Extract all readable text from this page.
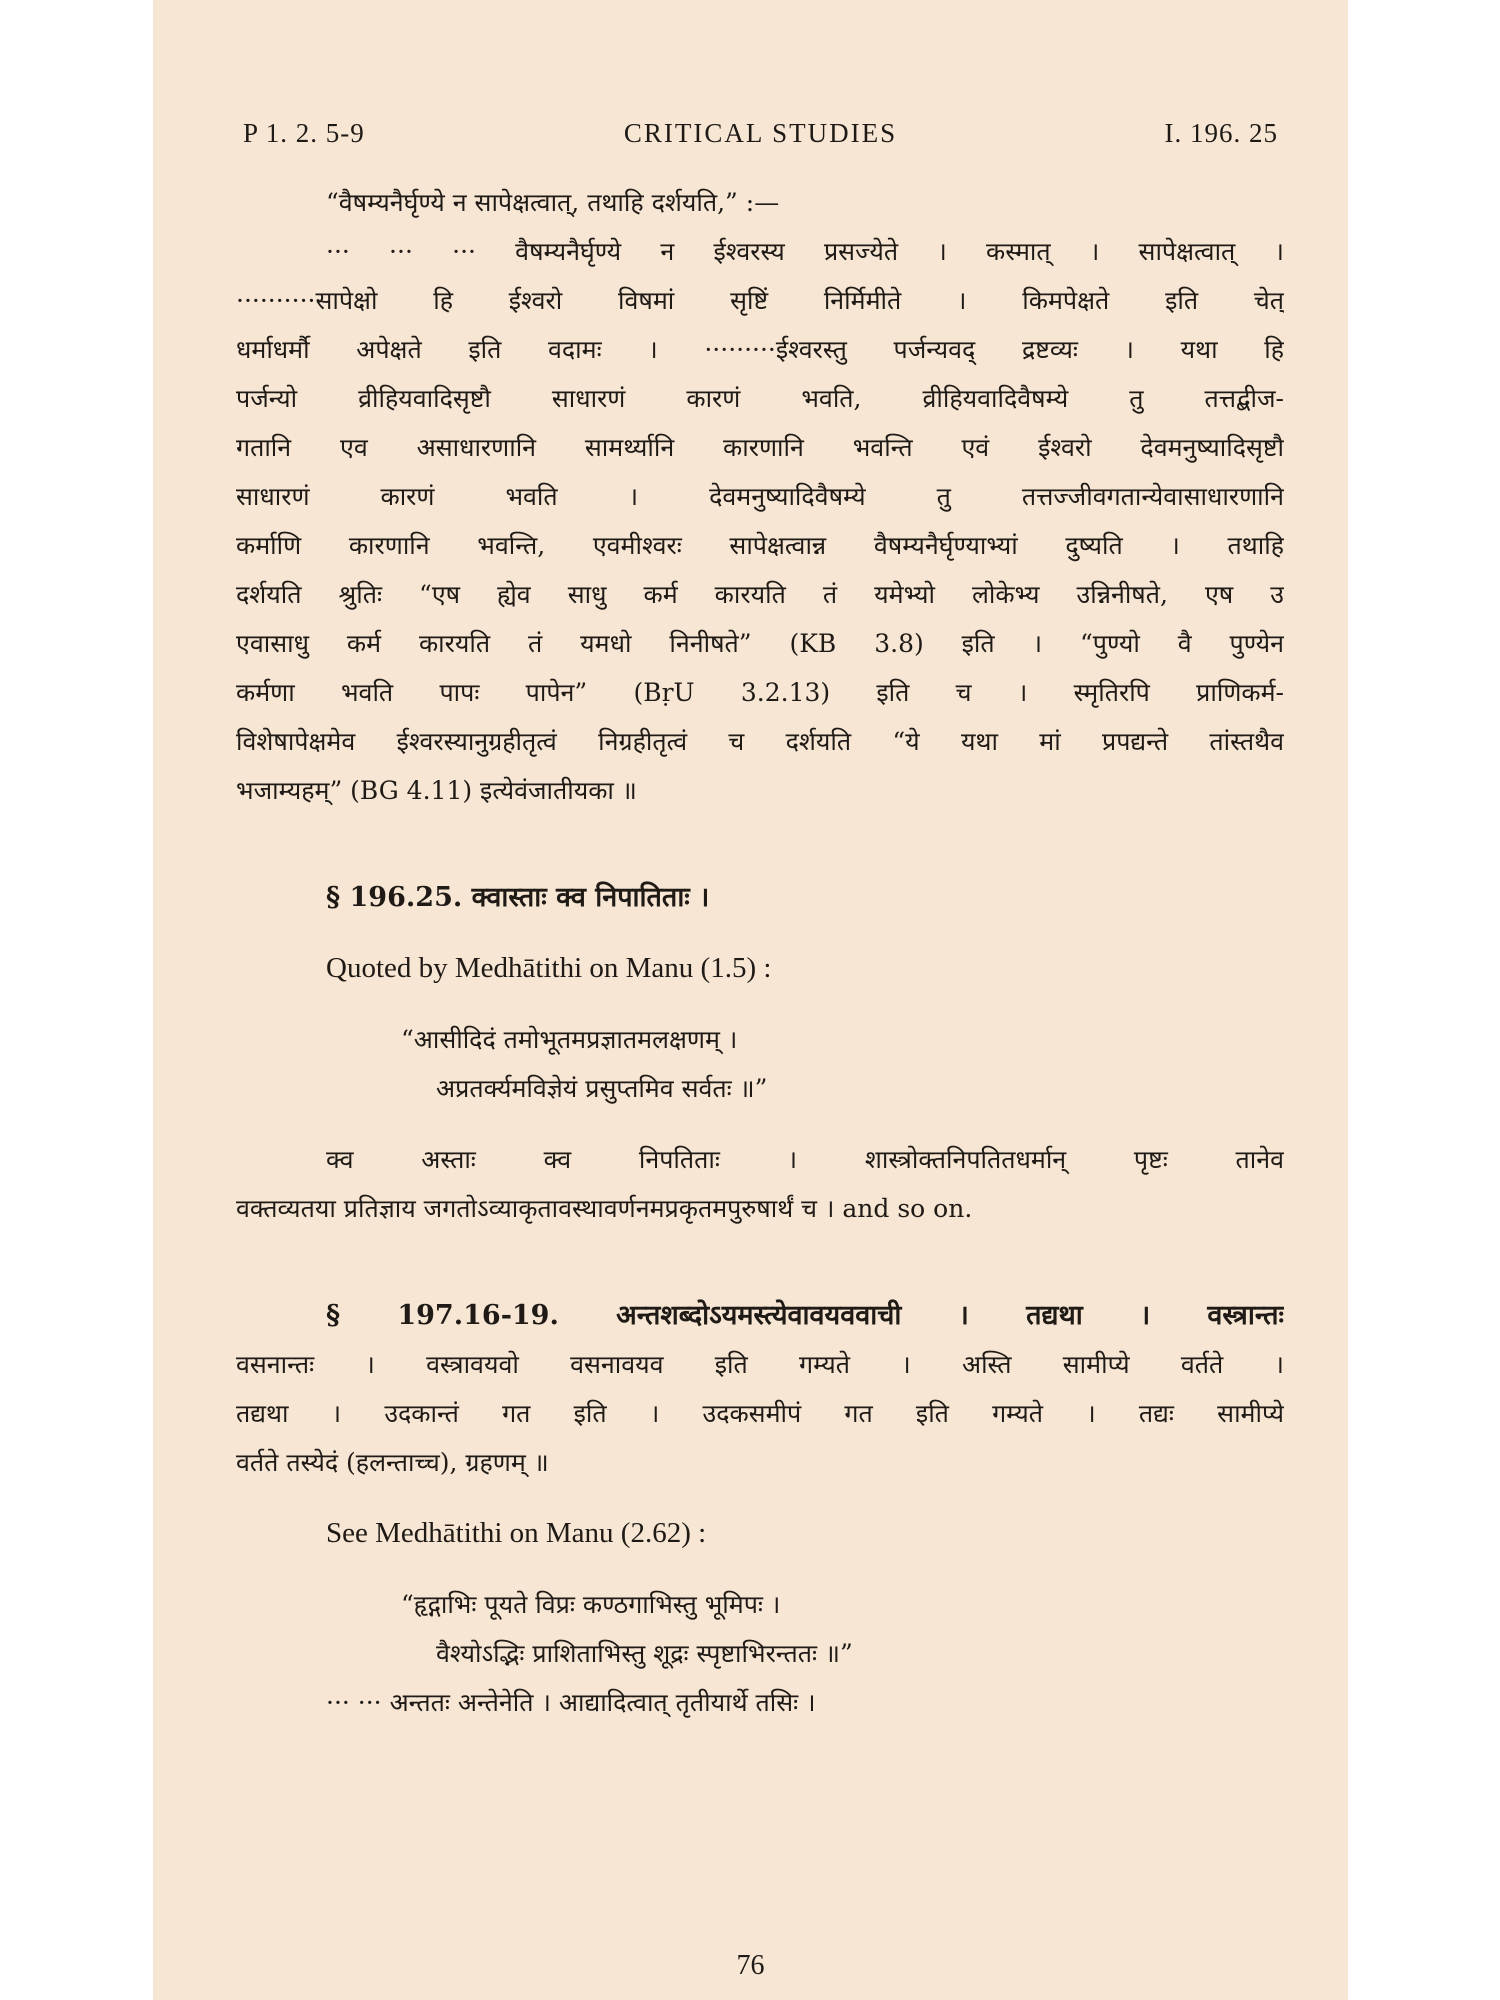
P 1. 2. 5-9	CRITICAL STUDIES	I. 196. 25
“वैषम्यनैर्घृण्ये न सापेक्षत्वात्, तथाहि दर्शयति,” :—
··· ··· ··· वैषम्यनैर्घृण्ये न ईश्वरस्य प्रसज्येते । कस्मात् । सापेक्षत्वात् ।
··········सापेक्षो हि ईश्वरो विषमां सृष्टिं निर्मिमीते । किमपेक्षते इति चेत्
धर्माधर्मौ अपेक्षते इति वदामः । ·········ईश्वरस्तु पर्जन्यवद् द्रष्टव्यः । यथा हि
पर्जन्यो व्रीहियवादिसृष्टौ साधारणं कारणं भवति, व्रीहियवादिवैषम्ये तु तत्तद्बीज-
गतानि एव असाधारणानि सामर्थ्यानि कारणानि भवन्ति एवं ईश्वरो देवमनुष्यादिसृष्टौ
साधारणं कारणं भवति । देवमनुष्यादिवैषम्ये तु तत्तज्जीवगतान्येवासाधारणानि
कर्माणि कारणानि भवन्ति, एवमीश्वरः सापेक्षत्वान्न वैषम्यनैर्घृण्याभ्यां दुष्यति । तथाहि
दर्शयति श्रुतिः “एष ह्येव साधु कर्म कारयति तं यमेभ्यो लोकेभ्य उन्निनीषते, एष उ
एवासाधु कर्म कारयति तं यमधो निनीषते” (KB 3.8) इति । “पुण्यो वै पुण्येन
कर्मणा भवति पापः पापेन” (BṛU 3.2.13) इति च । स्मृतिरपि प्राणिकर्म-
विशेषापेक्षमेव ईश्वरस्यानुग्रहीतृत्वं निग्रहीतृत्वं च दर्शयति “ये यथा मां प्रपद्यन्ते तांस्तथैव
भजाम्यहम्” (BG 4.11) इत्येवंजातीयका ॥
§ 196.25. क्वास्ताः क्व निपातिताः ।
Quoted by Medhātithi on Manu (1.5) :
“आसीदिदं तमोभूतमप्रज्ञातमलक्षणम् ।
अप्रतर्क्यमविज्ञेयं प्रसुप्तमिव सर्वतः ॥”
क्व अस्ताः क्व निपतिताः । शास्त्रोक्तनिपतितधर्मान् पृष्टः तानेव
वक्तव्यतया प्रतिज्ञाय जगतोऽव्याकृतावस्थावर्णनमप्रकृतमपुरुषार्थं च । and so on.
§ 197.16-19. अन्तशब्दोऽयमस्त्येवावयववाची । तद्यथा । वस्त्रान्तः
वसनान्तः । वस्त्रावयवो वसनावयव इति गम्यते । अस्ति सामीप्ये वर्तते ।
तद्यथा । उदकान्तं गत इति । उदकसमीपं गत इति गम्यते । तद्यः सामीप्ये
वर्तते तस्येदं (हलन्ताच्च), ग्रहणम् ॥
See Medhātithi on Manu (2.62) :
“हृद्गाभिः पूयते विप्रः कण्ठगाभिस्तु भूमिपः ।
वैश्योऽद्भिः प्राशिताभिस्तु शूद्रः स्पृष्टाभिरन्ततः ॥”
··· ··· अन्ततः अन्तेनेति । आद्यादित्वात् तृतीयार्थे तसिः ।
76
